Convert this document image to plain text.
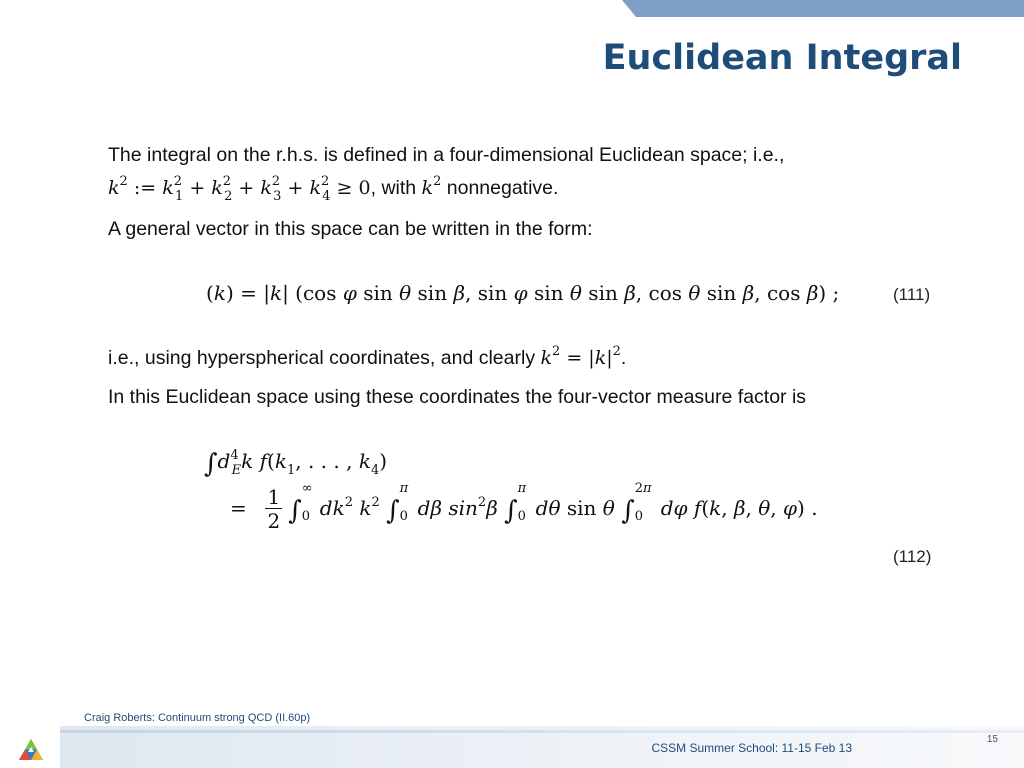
Euclidean Integral
The integral on the r.h.s. is defined in a four-dimensional Euclidean space; i.e.,
$k^2$ := $k^2_1 + k^2_2 + k^2_3 + k^2_4 \ge 0$, with $k^2$ nonnegative.
A general vector in this space can be written in the form:
(k) = |k| (cos φ sin θ sin β, sin φ sin θ sin β, cos θ sin β, cos β) ;	(111)
i.e., using hyperspherical coordinates, and clearly $k^2 = |k|^2$.
In this Euclidean space using these coordinates the four-vector measure factor is
$\int d^4_Ek$ $f(k_1$, . . . , $k_4$)
= $\frac{1}{2}$ ∫
∞
0 $dk^2$ $k^2$ ∫
π
0 dβ $\sin^2\beta$ ∫
π
0 dθ sin θ ∫
2π
0 dφ f(k, β, θ, φ) .
(112)
Craig Roberts: Continuum strong QCD (II.60p)
CSSM Summer School: 11-15 Feb 13
15
